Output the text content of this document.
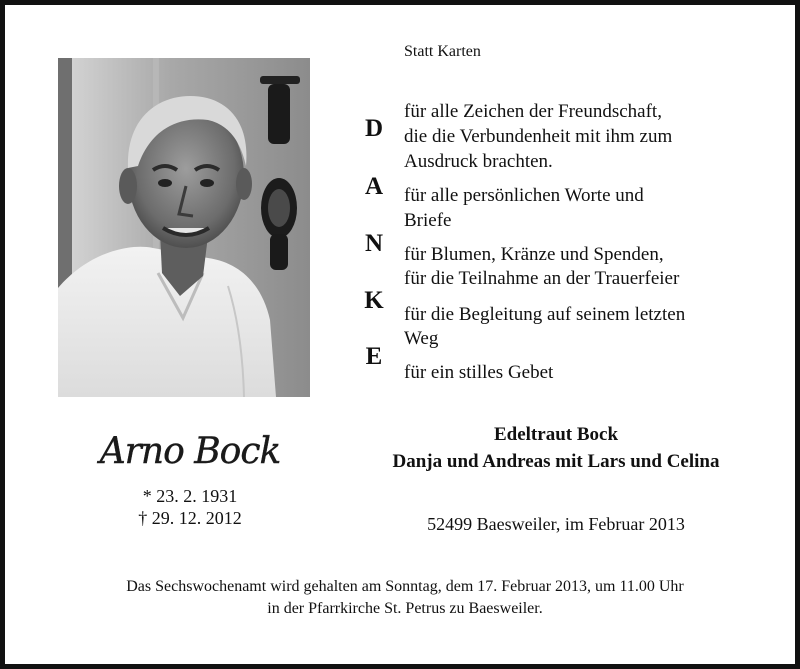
Statt Karten
D
A
N
K
E
für alle Zeichen der Freundschaft,
die die Verbundenheit mit ihm zum
Ausdruck brachten.
für alle persönlichen Worte und
Briefe
für Blumen, Kränze und Spenden,
für die Teilnahme an der Trauerfeier
für die Begleitung auf seinem letzten
Weg
für ein stilles Gebet
Arno Bock
* 23. 2. 1931
† 29. 12. 2012
Edeltraut Bock
Danja und Andreas mit Lars und Celina
52499 Baesweiler, im Februar 2013
Das Sechswochenamt wird gehalten am Sonntag, dem 17. Februar 2013, um 11.00 Uhr
in der Pfarrkirche St. Petrus zu Baesweiler.
